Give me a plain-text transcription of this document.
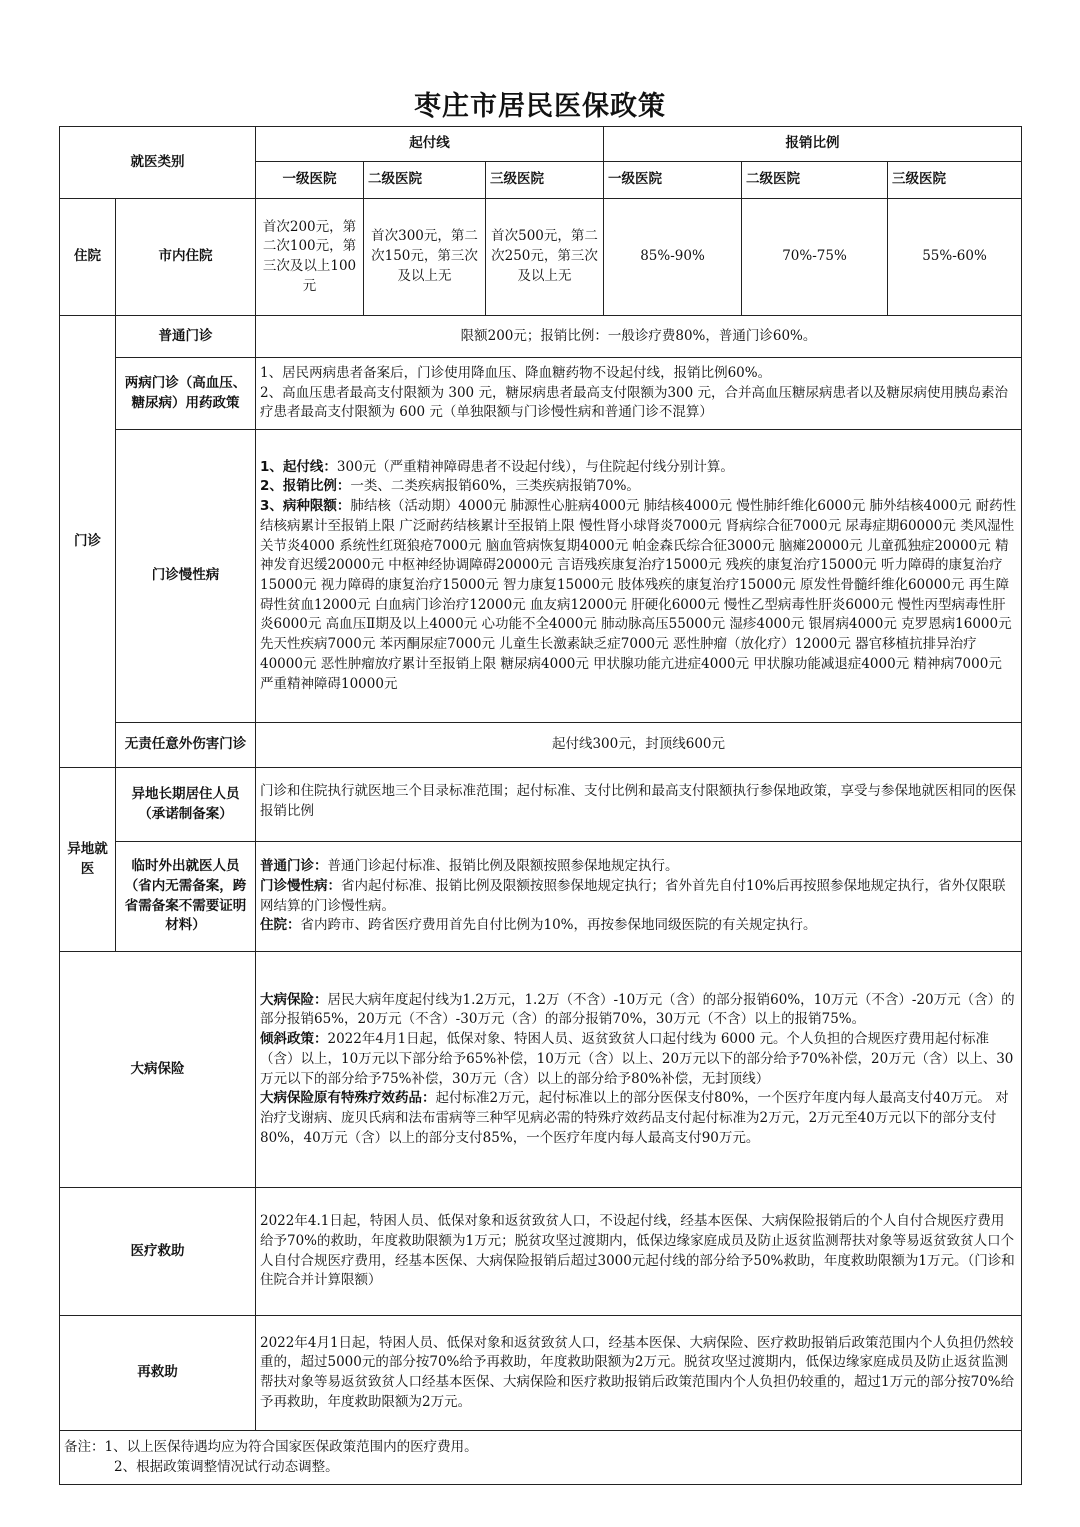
枣庄市居民医保政策
就医类别		起付线			报销比例		
		一级医院	二级医院	三级医院	一级医院	二级医院	三级医院
住院	市内住院	首次200元，第二次100元，第三次及以上100元	首次300元，第二次150元，第三次及以上无	首次500元，第二次250元，第三次及以上无	85%-90%	70%-75%	55%-60%
门诊	普通门诊	限额200元；报销比例：一般诊疗费80%，普通门诊60%。					
	两病门诊（高血压、糖尿病）用药政策	1、居民两病患者备案后，门诊使用降血压、降血糖药物不设起付线，报销比例60%。
2、高血压患者最高支付限额为 300 元，糖尿病患者最高支付限额为300 元，合并高血压糖尿病患者以及糖尿病使用胰岛素治疗患者最高支付限额为 600 元（单独限额与门诊慢性病和普通门诊不混算）					

	门诊慢性病	1、起付线：300元（严重精神障碍患者不设起付线），与住院起付线分别计算。
2、报销比例：一类、二类疾病报销60%，三类疾病报销70%。
3、病种限额：肺结核（活动期）4000元 肺源性心脏病4000元 肺结核4000元 慢性肺纤维化6000元 肺外结核4000元 耐药性结核病累计至报销上限 广泛耐药结核累计至报销上限 慢性肾小球肾炎7000元 肾病综合征7000元 尿毒症期60000元 类风湿性关节炎4000 系统性红斑狼疮7000元 脑血管病恢复期4000元 帕金森氏综合征3000元 脑瘫20000元 儿童孤独症20000元 精神发育迟缓20000元 中枢神经协调障碍20000元 言语残疾康复治疗15000元 残疾的康复治疗15000元 听力障碍的康复治疗15000元 视力障碍的康复治疗15000元 智力康复15000元 肢体残疾的康复治疗15000元 原发性骨髓纤维化60000元 再生障碍性贫血12000元 白血病门诊治疗12000元 血友病12000元 肝硬化6000元 慢性乙型病毒性肝炎6000元 慢性丙型病毒性肝炎6000元 高血压Ⅱ期及以上4000元 心功能不全4000元 肺动脉高压55000元 湿疹4000元 银屑病4000元 克罗恩病16000元 先天性疾病7000元 苯丙酮尿症7000元 儿童生长激素缺乏症7000元 恶性肿瘤（放化疗）12000元 器官移植抗排异治疗40000元 恶性肿瘤放疗累计至报销上限 糖尿病4000元 甲状腺功能亢进症4000元 甲状腺功能减退症4000元 精神病7000元 严重精神障碍10000元					

	无责任意外伤害门诊	起付线300元，封顶线600元					
异地就医	异地长期居住人员（承诺制备案）	门诊和住院执行就医地三个目录标准范围；起付标准、支付比例和最高支付限额执行参保地政策，享受与参保地就医相同的医保报销比例					
	临时外出就医人员（省内无需备案，跨省需备案不需要证明材料）	普通门诊：普通门诊起付标准、报销比例及限额按照参保地规定执行。
门诊慢性病：省内起付标准、报销比例及限额按照参保地规定执行；省外首先自付10%后再按照参保地规定执行，省外仅限联网结算的门诊慢性病。
住院：省内跨市、跨省医疗费用首先自付比例为10%，再按参保地同级医院的有关规定执行。					

大病保险		大病保险：居民大病年度起付线为1.2万元，1.2万（不含）-10万元（含）的部分报销60%，10万元（不含）-20万元（含）的部分报销65%，20万元（不含）-30万元（含）的部分报销70%，30万元（不含）以上的报销75%。
倾斜政策：2022年4月1日起，低保对象、特困人员、返贫致贫人口起付线为 6000 元。个人负担的合规医疗费用起付标准（含）以上，10万元以下部分给予65%补偿，10万元（含）以上、20万元以下的部分给予70%补偿，20万元（含）以上、30万元以下的部分给予75%补偿，30万元（含）以上的部分给予80%补偿，无封顶线）
大病保险原有特殊疗效药品：起付标准2万元，起付标准以上的部分医保支付80%，一个医疗年度内每人最高支付40万元。 对治疗戈谢病、庞贝氏病和法布雷病等三种罕见病必需的特殊疗效药品支付起付标准为2万元，2万元至40万元以下的部分支付80%，40万元（含）以上的部分支付85%，一个医疗年度内每人最高支付90万元。					

医疗救助		2022年4.1日起，特困人员、低保对象和返贫致贫人口，不设起付线，经基本医保、大病保险报销后的个人自付合规医疗费用给予70%的救助，年度救助限额为1万元；脱贫攻坚过渡期内，低保边缘家庭成员及防止返贫监测帮扶对象等易返贫致贫人口个人自付合规医疗费用，经基本医保、大病保险报销后超过3000元起付线的部分给予50%救助，年度救助限额为1万元。（门诊和住院合并计算限额）					
再救助		2022年4月1日起，特困人员、低保对象和返贫致贫人口，经基本医保、大病保险、医疗救助报销后政策范围内个人负担仍然较重的，超过5000元的部分按70%给予再救助，年度救助限额为2万元。脱贫攻坚过渡期内，低保边缘家庭成员及防止返贫监测帮扶对象等易返贫致贫人口经基本医保、大病保险和医疗救助报销后政策范围内个人负担仍较重的，超过1万元的部分按70%给予再救助，年度救助限额为2万元。					

备注：1、以上医保待遇均应为符合国家医保政策范围内的医疗费用。
2、根据政策调整情况试行动态调整。							
